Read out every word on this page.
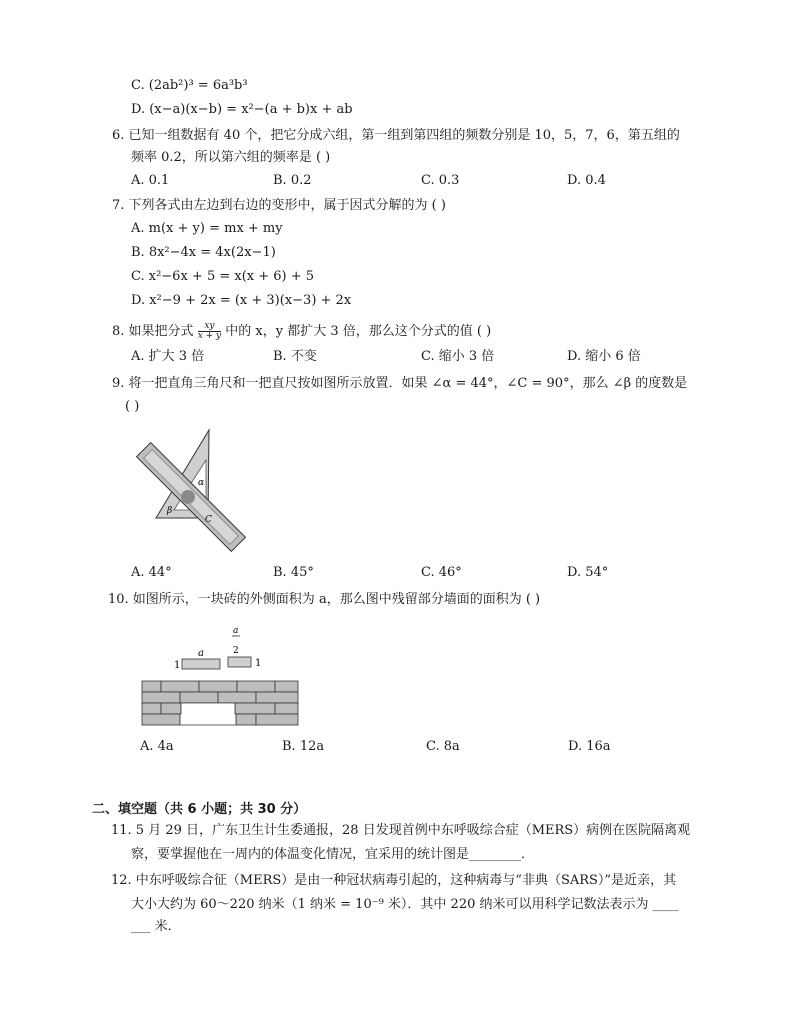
C. (2ab²)³ = 6a³b³
D. (x−a)(x−b) = x²−(a + b)x + ab
6. 已知一组数据有 40 个，把它分成六组，第一组到第四组的频数分别是 10，5，7，6，第五组的
频率 0.2，所以第六组的频率是 ( )
A. 0.1	B. 0.2	C. 0.3	D. 0.4
7. 下列各式由左边到右边的变形中，属于因式分解的为 ( )
A. m(x + y) = mx + my
B. 8x²−4x = 4x(2x−1)
C. x²−6x + 5 = x(x + 6) + 5
D. x²−9 + 2x = (x + 3)(x−3) + 2x
8. 如果把分式 $\frac{xy}{x + y}$ 中的 x，y 都扩大 3 倍，那么这个分式的值 ( )
A. 扩大 3 倍	B. 不变	C. 缩小 3 倍	D. 缩小 6 倍
9. 将一把直角三角尺和一把直尺按如图所示放置．如果 ∠α = 44°，∠C = 90°，那么 ∠β 的度数是
( )
α
β
C
A. 44°	B. 45°	C. 46°	D. 54°
10. 如图所示，一块砖的外侧面积为 a，那么图中残留部分墙面的面积为 ( )
1
a
a
2
1
A. 4a	B. 12a	C. 8a	D. 16a
二、填空题（共 6 小题；共 30 分）
11. 5 月 29 日，广东卫生计生委通报，28 日发现首例中东呼吸综合症（MERS）病例在医院隔离观
察，要掌握他在一周内的体温变化情况，宜采用的统计图是________．
12. 中东呼吸综合征（MERS）是由一种冠状病毒引起的，这种病毒与“非典（SARS）”是近亲，其
大小大约为 60～220 纳米（1 纳米 = 10⁻⁹ 米）．其中 220 纳米可以用科学记数法表示为 ____
___ 米．
